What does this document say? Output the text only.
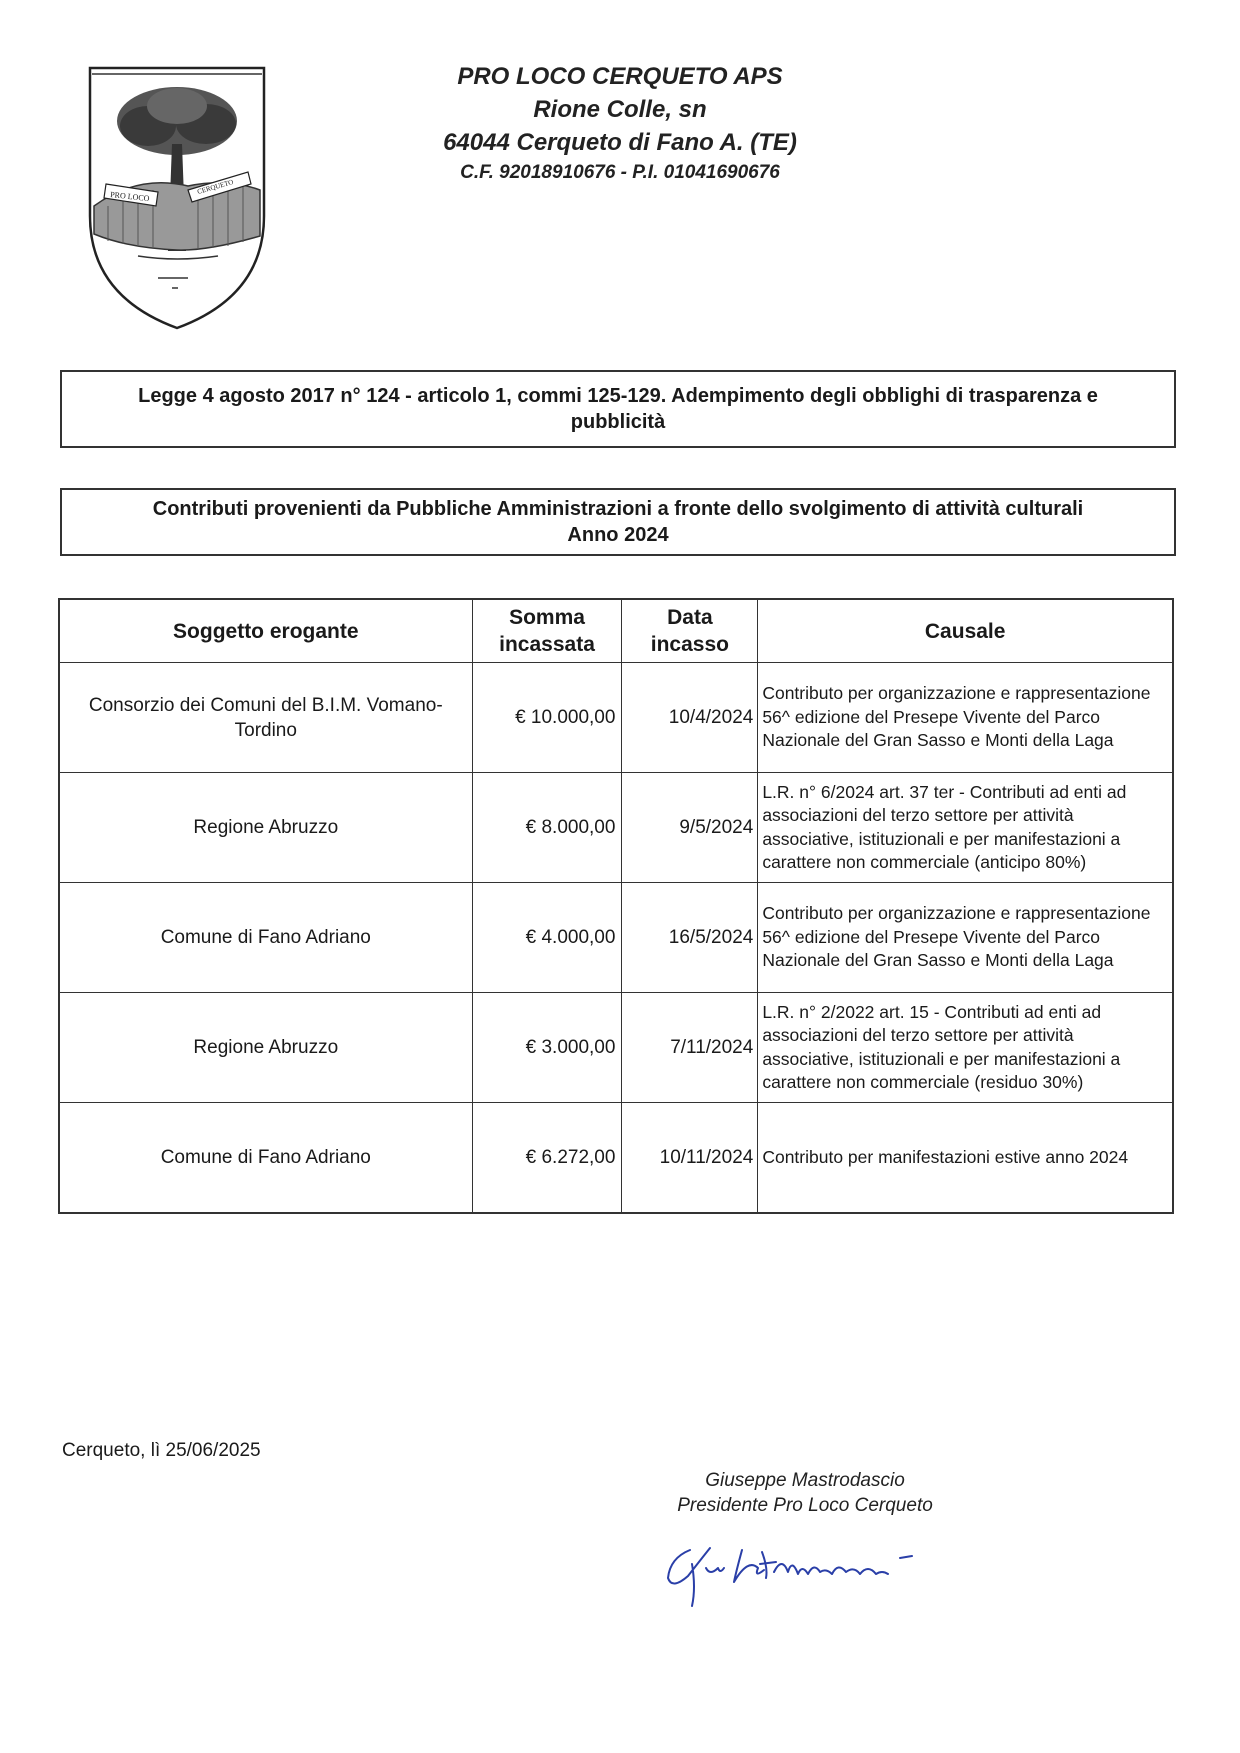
PRO LOCO
CERQUETO
PRO LOCO CERQUETO APS
Rione Colle, sn
64044 Cerqueto di Fano A. (TE)
C.F. 92018910676 - P.I. 01041690676
Legge 4 agosto 2017 n° 124 - articolo 1, commi 125-129. Adempimento degli obblighi di trasparenza e
pubblicità
Contributi provenienti da Pubbliche Amministrazioni a fronte dello svolgimento di attività culturali
Anno 2024
Soggetto erogante	Somma incassata	Data incasso	Causale
Consorzio dei Comuni del B.I.M. Vomano-Tordino	€ 10.000,00	10/4/2024	Contributo per organizzazione e rappresentazione 56^ edizione del Presepe Vivente del Parco Nazionale del Gran Sasso e Monti della Laga
Regione Abruzzo	€ 8.000,00	9/5/2024	L.R. n° 6/2024 art. 37 ter - Contributi ad enti ad associazioni del terzo settore per attività associative, istituzionali e per manifestazioni a carattere non commerciale (anticipo 80%)
Comune di Fano Adriano	€ 4.000,00	16/5/2024	Contributo per organizzazione e rappresentazione 56^ edizione del Presepe Vivente del Parco Nazionale del Gran Sasso e Monti della Laga
Regione Abruzzo	€ 3.000,00	7/11/2024	L.R. n° 2/2022 art. 15 - Contributi ad enti ad associazioni del terzo settore per attività associative, istituzionali e per manifestazioni a carattere non commerciale (residuo 30%)
Comune di Fano Adriano	€ 6.272,00	10/11/2024	Contributo per manifestazioni estive anno 2024
Cerqueto, lì 25/06/2025
Giuseppe Mastrodascio
Presidente Pro Loco Cerqueto
